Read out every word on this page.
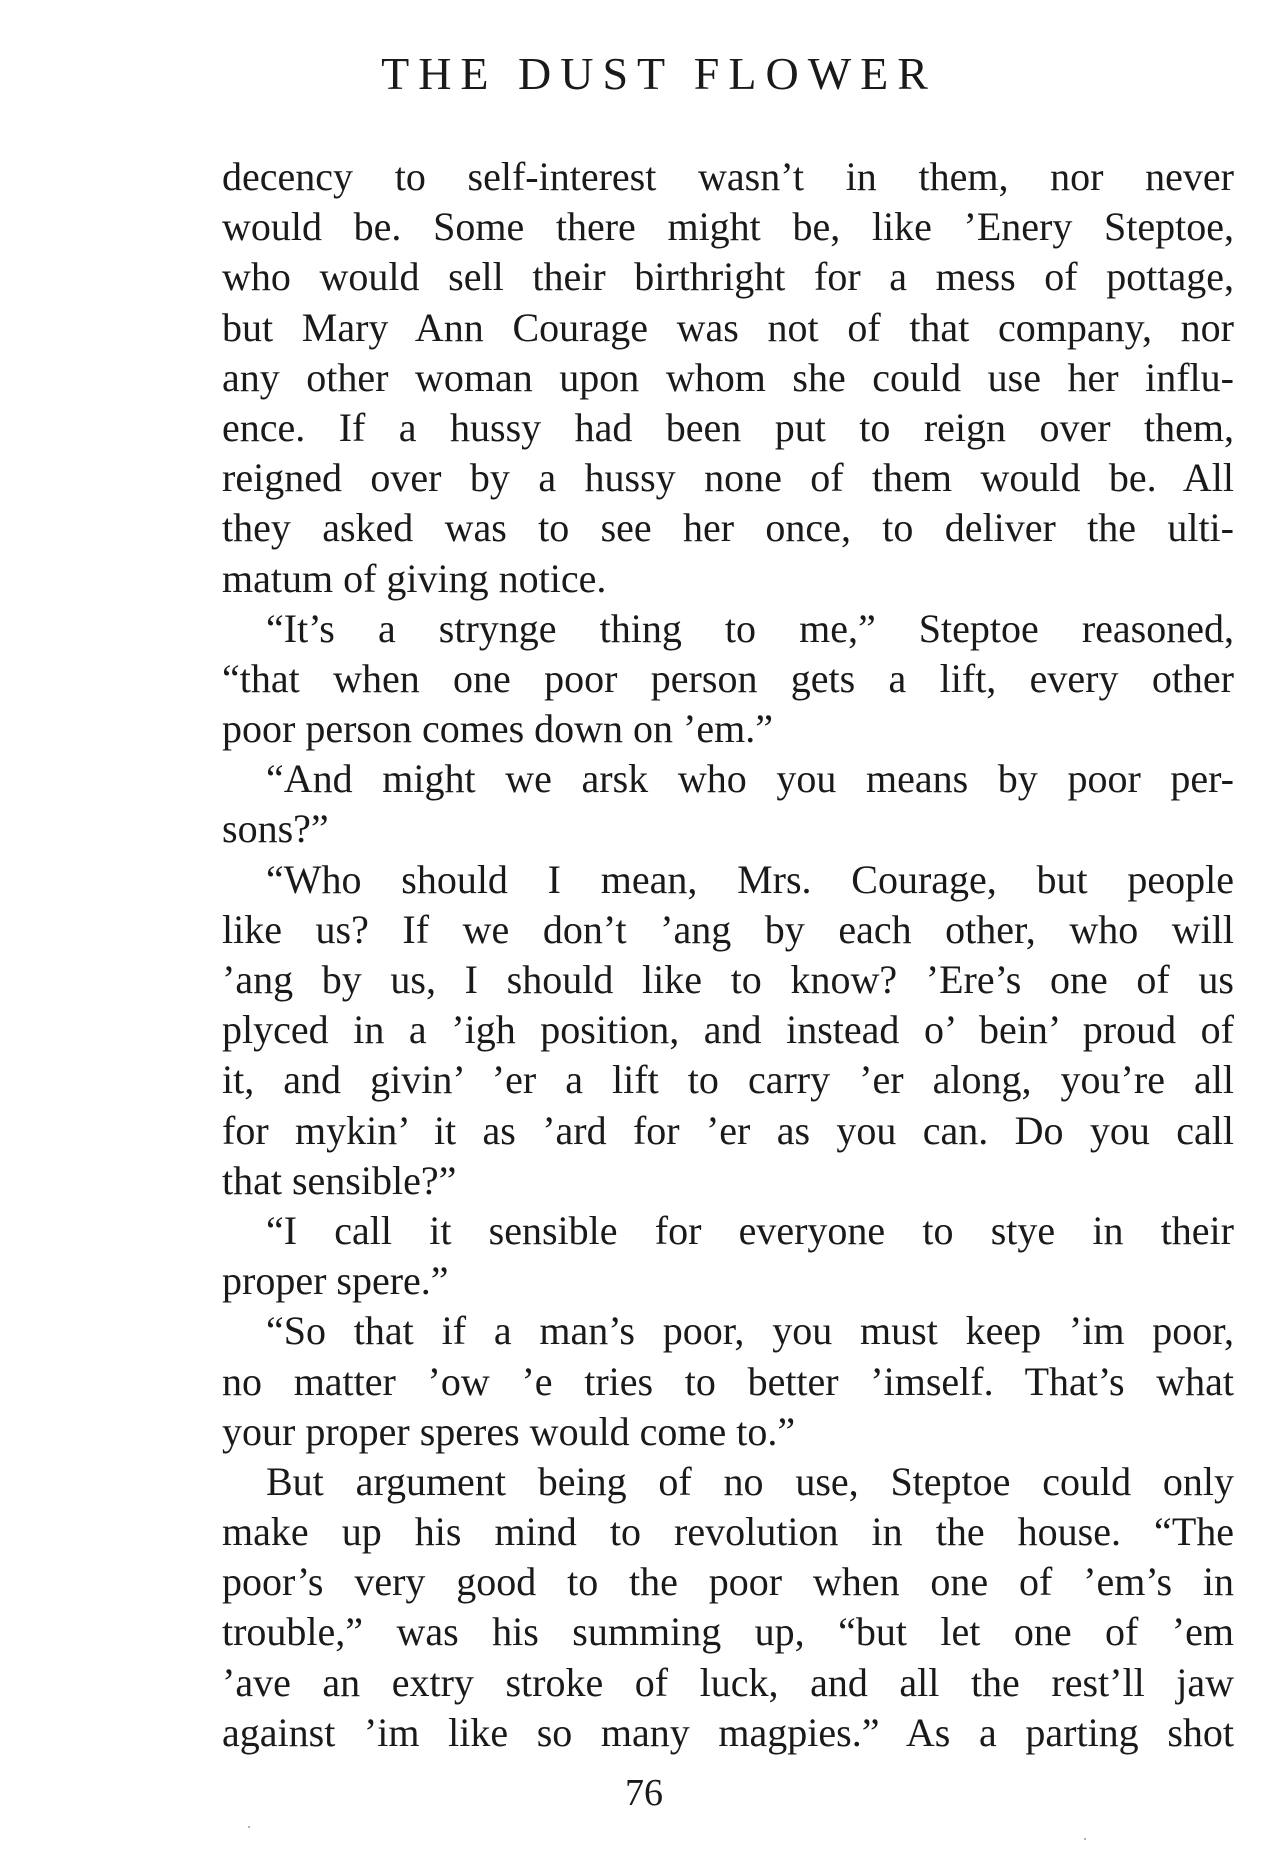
THE DUST FLOWER
decency to self-interest wasn’t in them, nor never
would be. Some there might be, like ’Enery Steptoe,
who would sell their birthright for a mess of pottage,
but Mary Ann Courage was not of that company, nor
any other woman upon whom she could use her influ-
ence. If a hussy had been put to reign over them,
reigned over by a hussy none of them would be. All
they asked was to see her once, to deliver the ulti-
matum of giving notice.
“It’s a strynge thing to me,” Steptoe reasoned,
“that when one poor person gets a lift, every other
poor person comes down on ’em.”
“And might we arsk who you means by poor per-
sons?”
“Who should I mean, Mrs. Courage, but people
like us? If we don’t ’ang by each other, who will
’ang by us, I should like to know? ’Ere’s one of us
plyced in a ’igh position, and instead o’ bein’ proud of
it, and givin’ ’er a lift to carry ’er along, you’re all
for mykin’ it as ’ard for ’er as you can. Do you call
that sensible?”
“I call it sensible for everyone to stye in their
proper spere.”
“So that if a man’s poor, you must keep ’im poor,
no matter ’ow ’e tries to better ’imself. That’s what
your proper speres would come to.”
But argument being of no use, Steptoe could only
make up his mind to revolution in the house. “The
poor’s very good to the poor when one of ’em’s in
trouble,” was his summing up, “but let one of ’em
’ave an extry stroke of luck, and all the rest’ll jaw
against ’im like so many magpies.” As a parting shot
76
